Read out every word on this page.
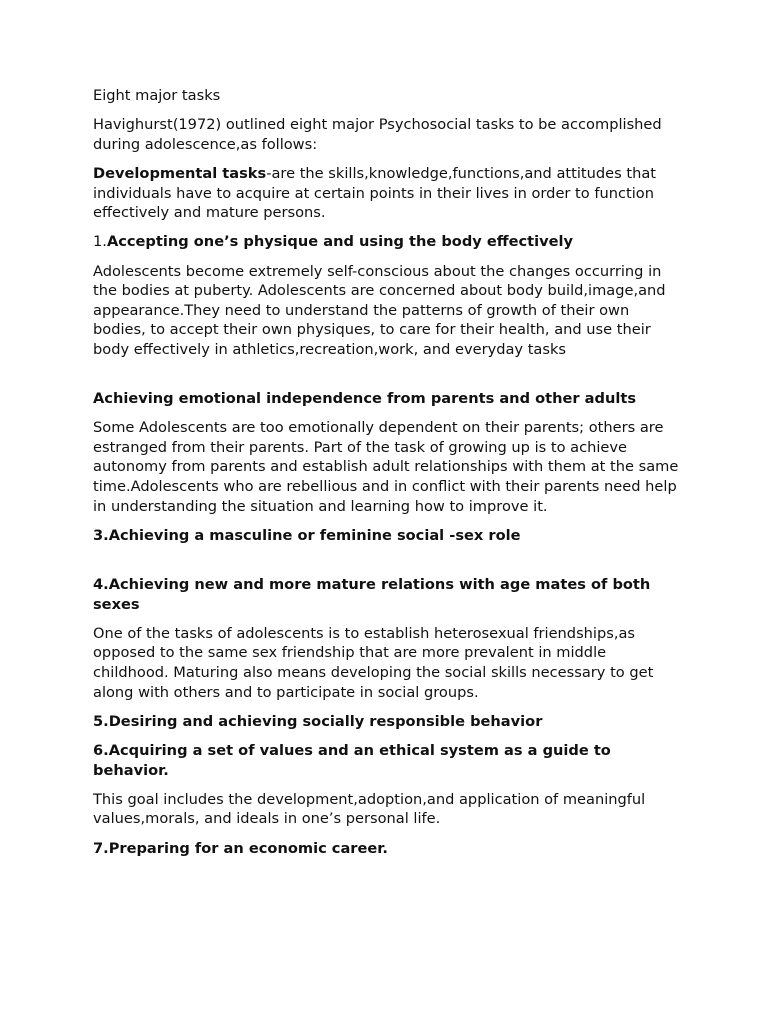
Eight major tasks

Havighurst(1972) outlined eight major Psychosocial tasks to be accomplished during adolescence,as follows:

Developmental tasks-are the skills,knowledge,functions,and attitudes that individuals have to acquire at certain points in their lives in order to function effectively and mature persons.

1.Accepting one’s physique and using the body effectively

Adolescents become extremely self-conscious about the changes occurring in the bodies at puberty. Adolescents are concerned about body build,image,and appearance.They need to understand the patterns of growth of their own bodies, to accept their own physiques, to care for their health, and use their body effectively in athletics,recreation,work, and everyday tasks

Achieving emotional independence from parents and other adults

Some Adolescents are too emotionally dependent on their parents; others are estranged from their parents. Part of the task of growing up is to achieve autonomy from parents and establish adult relationships with them at the same time.Adolescents who are rebellious and in conflict with their parents need help in understanding the situation and learning how to improve it.

3.Achieving a masculine or feminine social -sex role

4.Achieving new and more mature relations with age mates of both sexes

One of the tasks of adolescents is to establish heterosexual friendships,as opposed to the same sex friendship that are more prevalent in middle childhood. Maturing also means developing the social skills necessary to get along with others and to participate in social groups.

5.Desiring and achieving socially responsible behavior

6.Acquiring a set of values and an ethical system as a guide to behavior.

This goal includes the development,adoption,and application of meaningful values,morals, and ideals in one’s personal life.

7.Preparing for an economic career.
